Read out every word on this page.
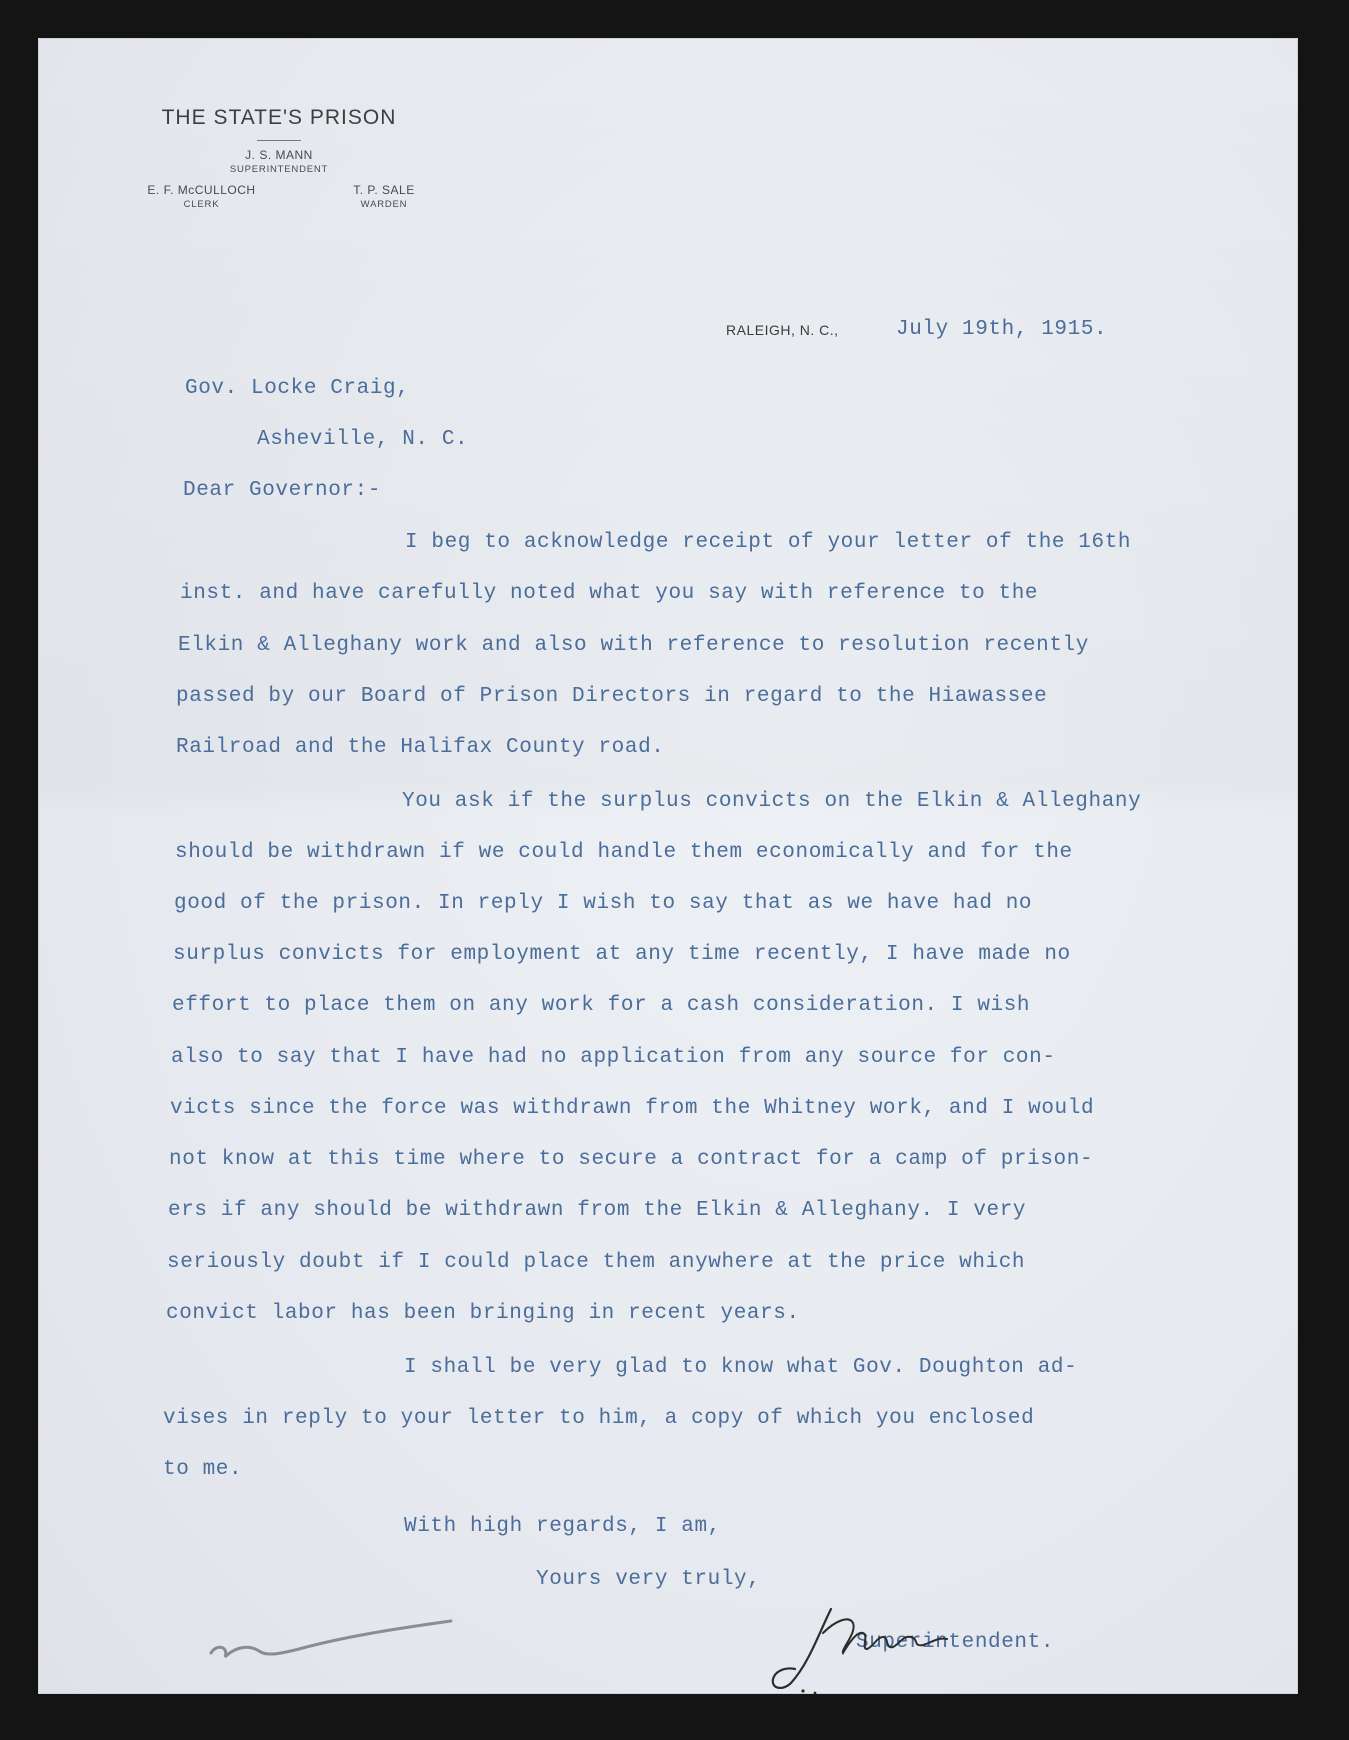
THE STATE'S PRISON
J. S. MANN
SUPERINTENDENT
E. F. McCULLOCH
CLERK
T. P. SALE
WARDEN
RALEIGH, N. C.,	July 19th, 1915.
Gov. Locke Craig,
Asheville, N. C.
Dear Governor:-
I beg to acknowledge receipt of your letter of the 16th
inst. and have carefully noted what you say with reference to the
Elkin & Alleghany work and also with reference to resolution recently
passed by our Board of Prison Directors in regard to the Hiawassee
Railroad and the Halifax County road.
You ask if the surplus convicts on the Elkin & Alleghany
should be withdrawn if we could handle them economically and for the
good of the prison. In reply I wish to say that as we have had no
surplus convicts for employment at any time recently, I have made no
effort to place them on any work for a cash consideration. I wish
also to say that I have had no application from any source for con-
victs since the force was withdrawn from the Whitney work, and I would
not know at this time where to secure a contract for a camp of prison-
ers if any should be withdrawn from the Elkin & Alleghany. I very
seriously doubt if I could place them anywhere at the price which
convict labor has been bringing in recent years.
I shall be very glad to know what Gov. Doughton ad-
vises in reply to your letter to him, a copy of which you enclosed
to me.
With high regards, I am,
Yours very truly,
Superintendent.
